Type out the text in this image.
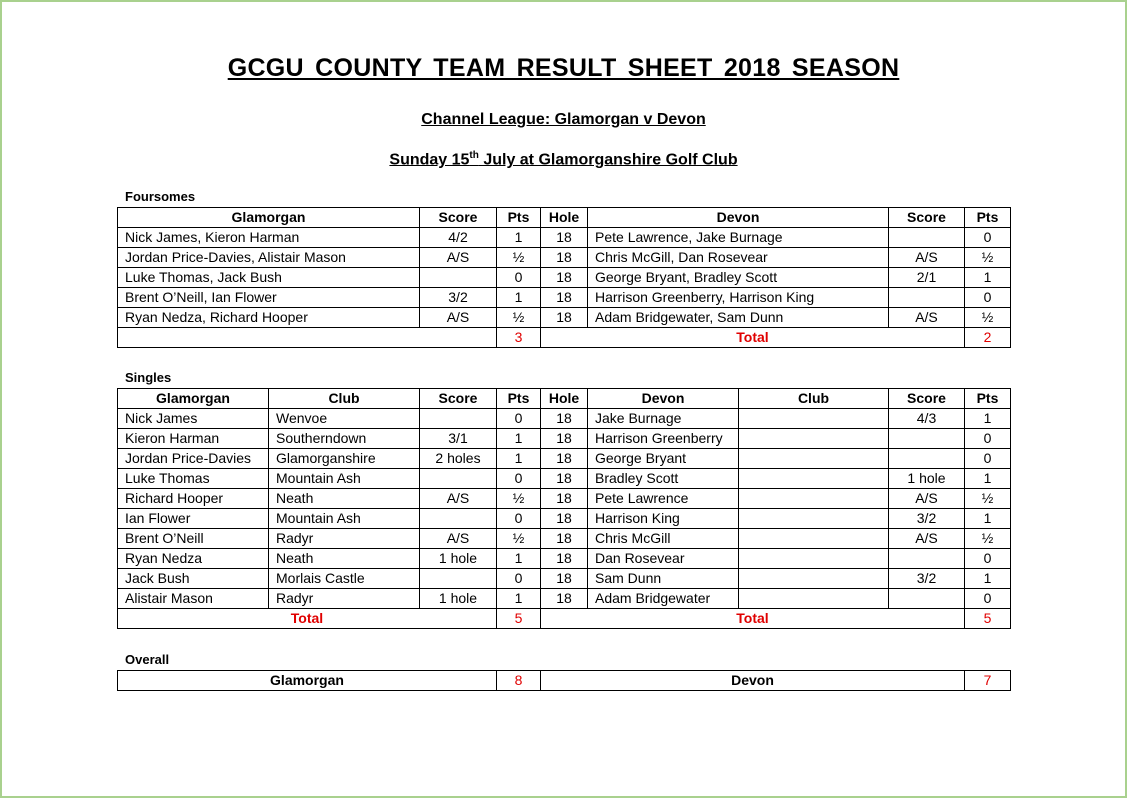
GCGU COUNTY TEAM RESULT SHEET 2018 SEASON
Channel League: Glamorgan v Devon
Sunday 15th July at Glamorganshire Golf Club
Foursomes
Glamorgan	Score	Pts	Hole	Devon	Score	Pts
Nick James, Kieron Harman	4/2	1	18	Pete Lawrence, Jake Burnage		0
Jordan Price-Davies, Alistair Mason	A/S	½	18	Chris McGill, Dan Rosevear	A/S	½
Luke Thomas, Jack Bush		0	18	George Bryant, Bradley Scott	2/1	1
Brent O’Neill, Ian Flower	3/2	1	18	Harrison Greenberry, Harrison King		0
Ryan Nedza, Richard Hooper	A/S	½	18	Adam Bridgewater, Sam Dunn	A/S	½
		3	Total			2
Singles
Glamorgan	Club	Score	Pts	Hole	Devon	Club	Score	Pts
Nick James	Wenvoe		0	18	Jake Burnage		4/3	1
Kieron Harman	Southerndown	3/1	1	18	Harrison Greenberry			0
Jordan Price-Davies	Glamorganshire	2 holes	1	18	George Bryant			0
Luke Thomas	Mountain Ash		0	18	Bradley Scott		1 hole	1
Richard Hooper	Neath	A/S	½	18	Pete Lawrence		A/S	½
Ian Flower	Mountain Ash		0	18	Harrison King		3/2	1
Brent O’Neill	Radyr	A/S	½	18	Chris McGill		A/S	½
Ryan Nedza	Neath	1 hole	1	18	Dan Rosevear			0
Jack Bush	Morlais Castle		0	18	Sam Dunn		3/2	1
Alistair Mason	Radyr	1 hole	1	18	Adam Bridgewater			0
Total			5	Total				5
Overall
Glamorgan	8	Devon	7
